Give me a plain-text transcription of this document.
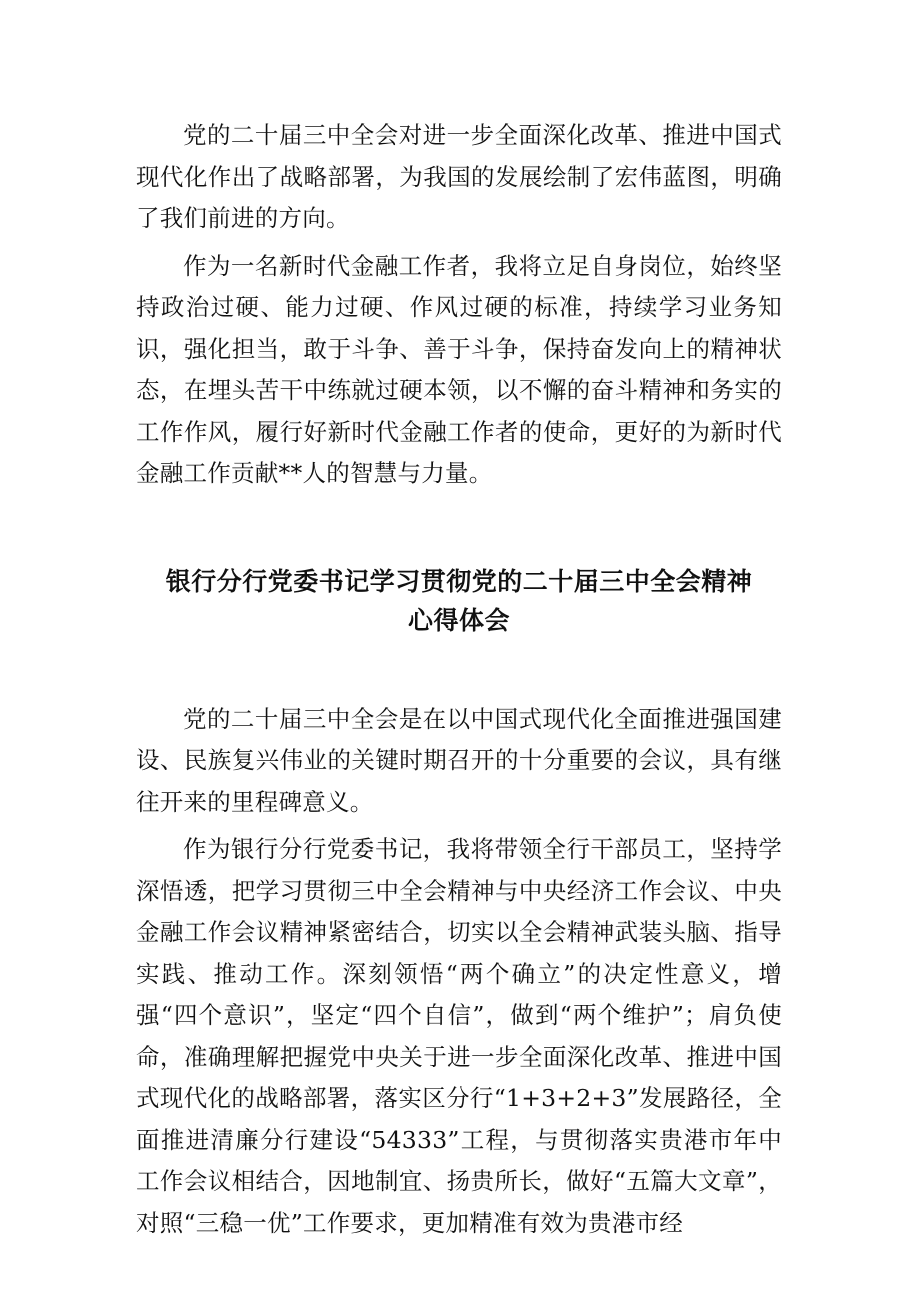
党的二十届三中全会对进一步全面深化改革、推进中国式现代化作出了战略部署，为我国的发展绘制了宏伟蓝图，明确了我们前进的方向。

作为一名新时代金融工作者，我将立足自身岗位，始终坚持政治过硬、能力过硬、作风过硬的标准，持续学习业务知识，强化担当，敢于斗争、善于斗争，保持奋发向上的精神状态，在埋头苦干中练就过硬本领，以不懈的奋斗精神和务实的工作作风，履行好新时代金融工作者的使命，更好的为新时代金融工作贡献**人的智慧与力量。

银行分行党委书记学习贯彻党的二十届三中全会精神

心得体会

党的二十届三中全会是在以中国式现代化全面推进强国建设、民族复兴伟业的关键时期召开的十分重要的会议，具有继往开来的里程碑意义。

作为银行分行党委书记，我将带领全行干部员工，坚持学深悟透，把学习贯彻三中全会精神与中央经济工作会议、中央金融工作会议精神紧密结合，切实以全会精神武装头脑、指导实践、推动工作。深刻领悟“两个确立”的决定性意义，增强“四个意识”，坚定“四个自信”，做到“两个维护”；肩负使命，准确理解把握党中央关于进一步全面深化改革、推进中国式现代化的战略部署，落实区分行“1+3+2+3”发展路径，全面推进清廉分行建设“54333”工程，与贯彻落实贵港市年中工作会议相结合，因地制宜、扬贵所长，做好“五篇大文章”，对照“三稳一优”工作要求，更加精准有效为贵港市经
